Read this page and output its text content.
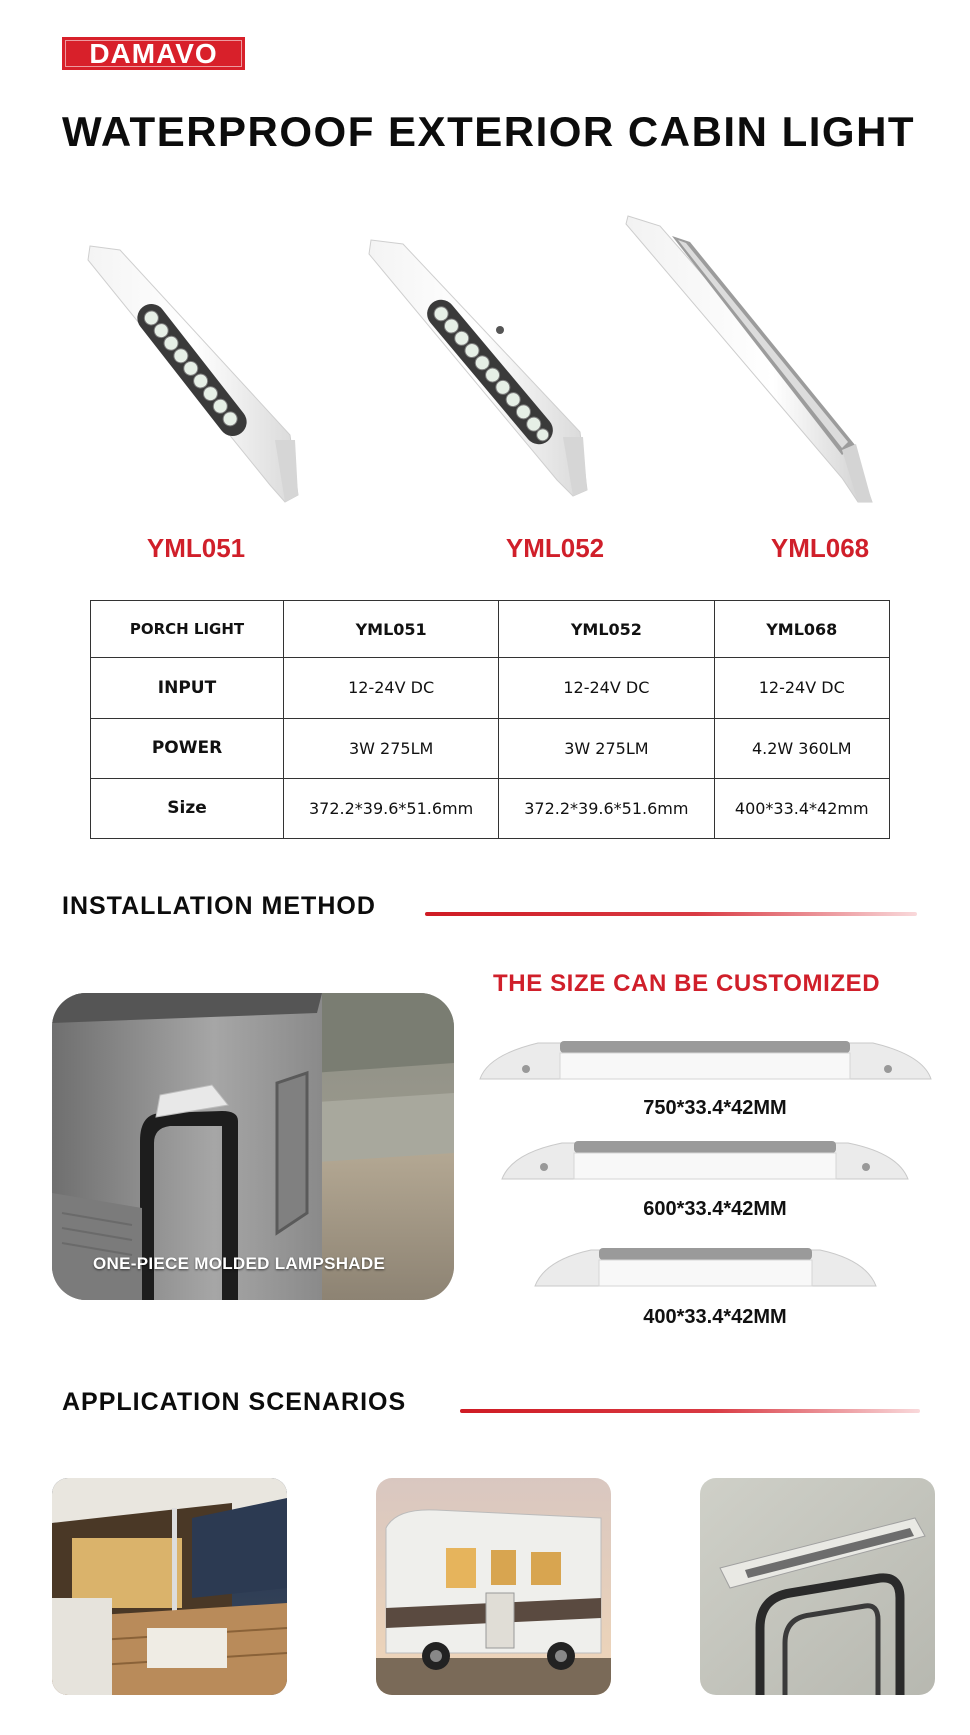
DAMAVO
WATERPROOF EXTERIOR CABIN LIGHT
YML051	YML052	YML068
PORCH LIGHT	YML051	YML052	YML068
INPUT	12-24V DC	12-24V DC	12-24V DC
POWER	3W 275LM	3W 275LM	4.2W 360LM
Size	372.2*39.6*51.6mm	372.2*39.6*51.6mm	400*33.4*42mm
INSTALLATION METHOD
ONE-PIECE MOLDED LAMPSHADE
THE SIZE CAN BE CUSTOMIZED
750*33.4*42MM
600*33.4*42MM
400*33.4*42MM
APPLICATION SCENARIOS
